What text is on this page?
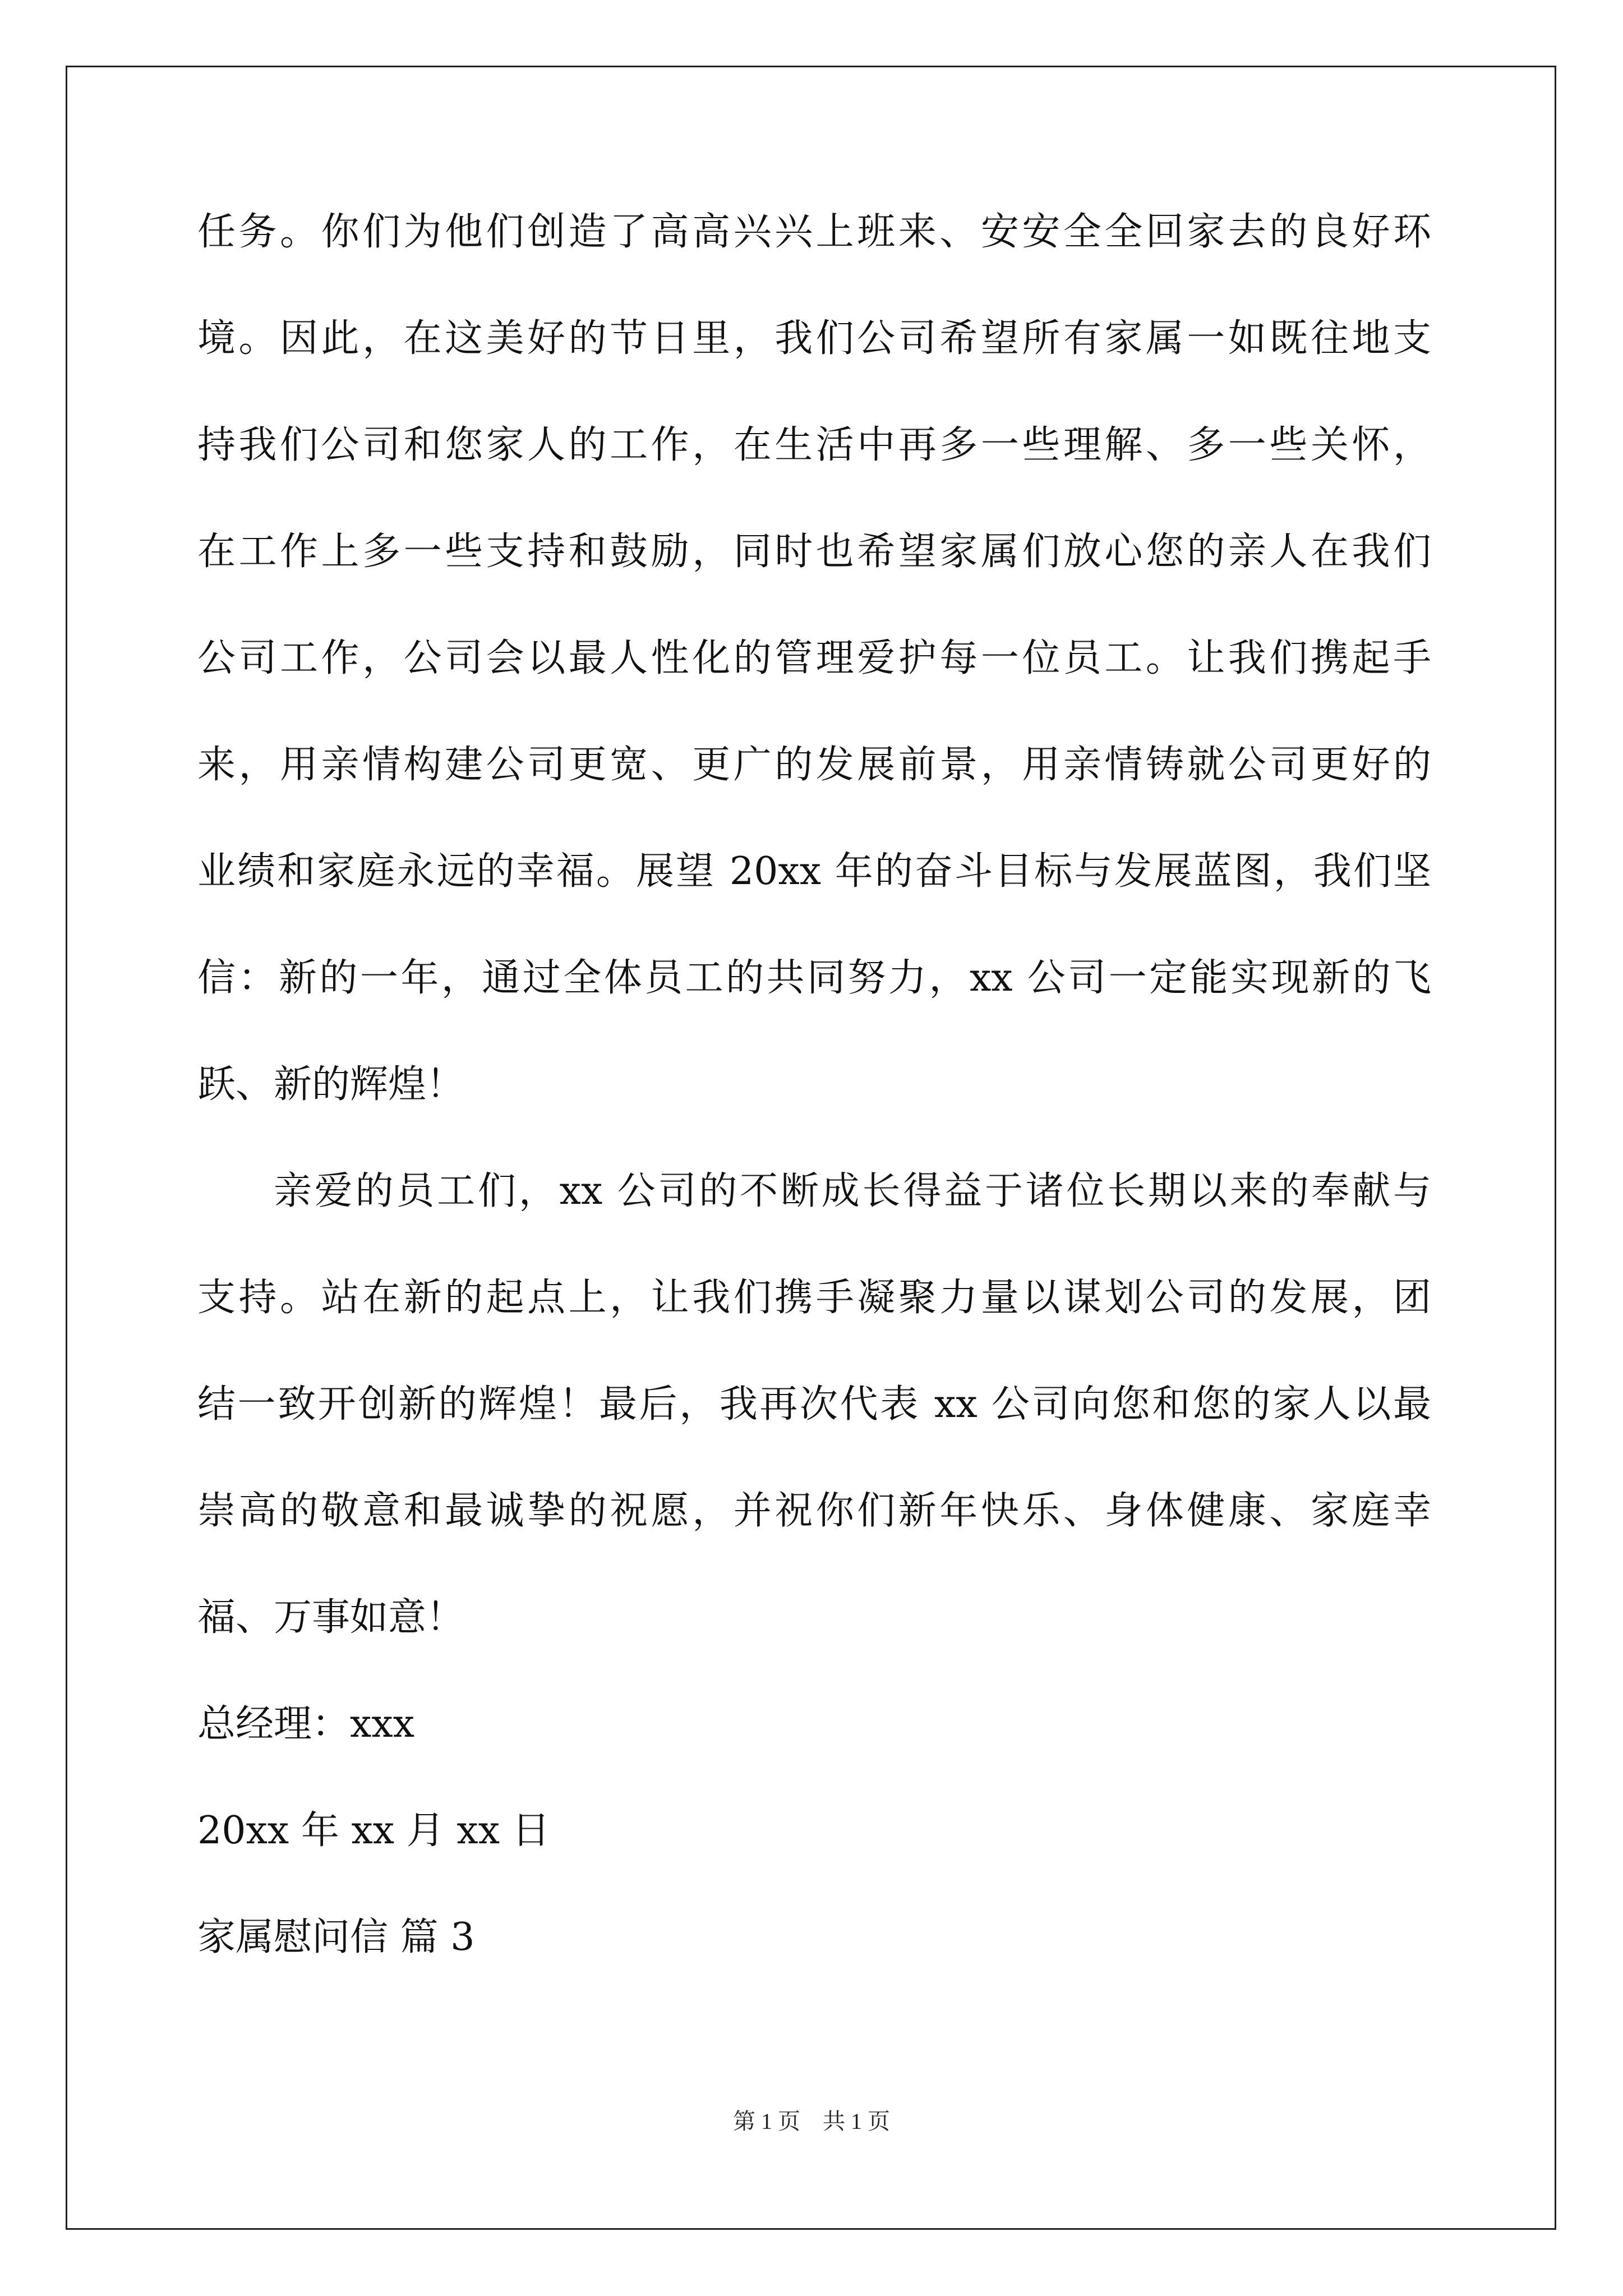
任务。你们为他们创造了高高兴兴上班来、安安全全回家去的良好环
境。因此，在这美好的节日里，我们公司希望所有家属一如既往地支
持我们公司和您家人的工作，在生活中再多一些理解、多一些关怀，
在工作上多一些支持和鼓励，同时也希望家属们放心您的亲人在我们
公司工作，公司会以最人性化的管理爱护每一位员工。让我们携起手
来，用亲情构建公司更宽、更广的发展前景，用亲情铸就公司更好的
业绩和家庭永远的幸福。展望 20xx 年的奋斗目标与发展蓝图，我们坚
信：新的一年，通过全体员工的共同努力，xx 公司一定能实现新的飞
跃、新的辉煌！
亲爱的员工们，xx 公司的不断成长得益于诸位长期以来的奉献与
支持。站在新的起点上，让我们携手凝聚力量以谋划公司的发展，团
结一致开创新的辉煌！最后，我再次代表 xx 公司向您和您的家人以最
崇高的敬意和最诚挚的祝愿，并祝你们新年快乐、身体健康、家庭幸
福、万事如意！
总经理：xxx
20xx 年 xx 月 xx 日
家属慰问信 篇 3
第 1 页　共 1 页
